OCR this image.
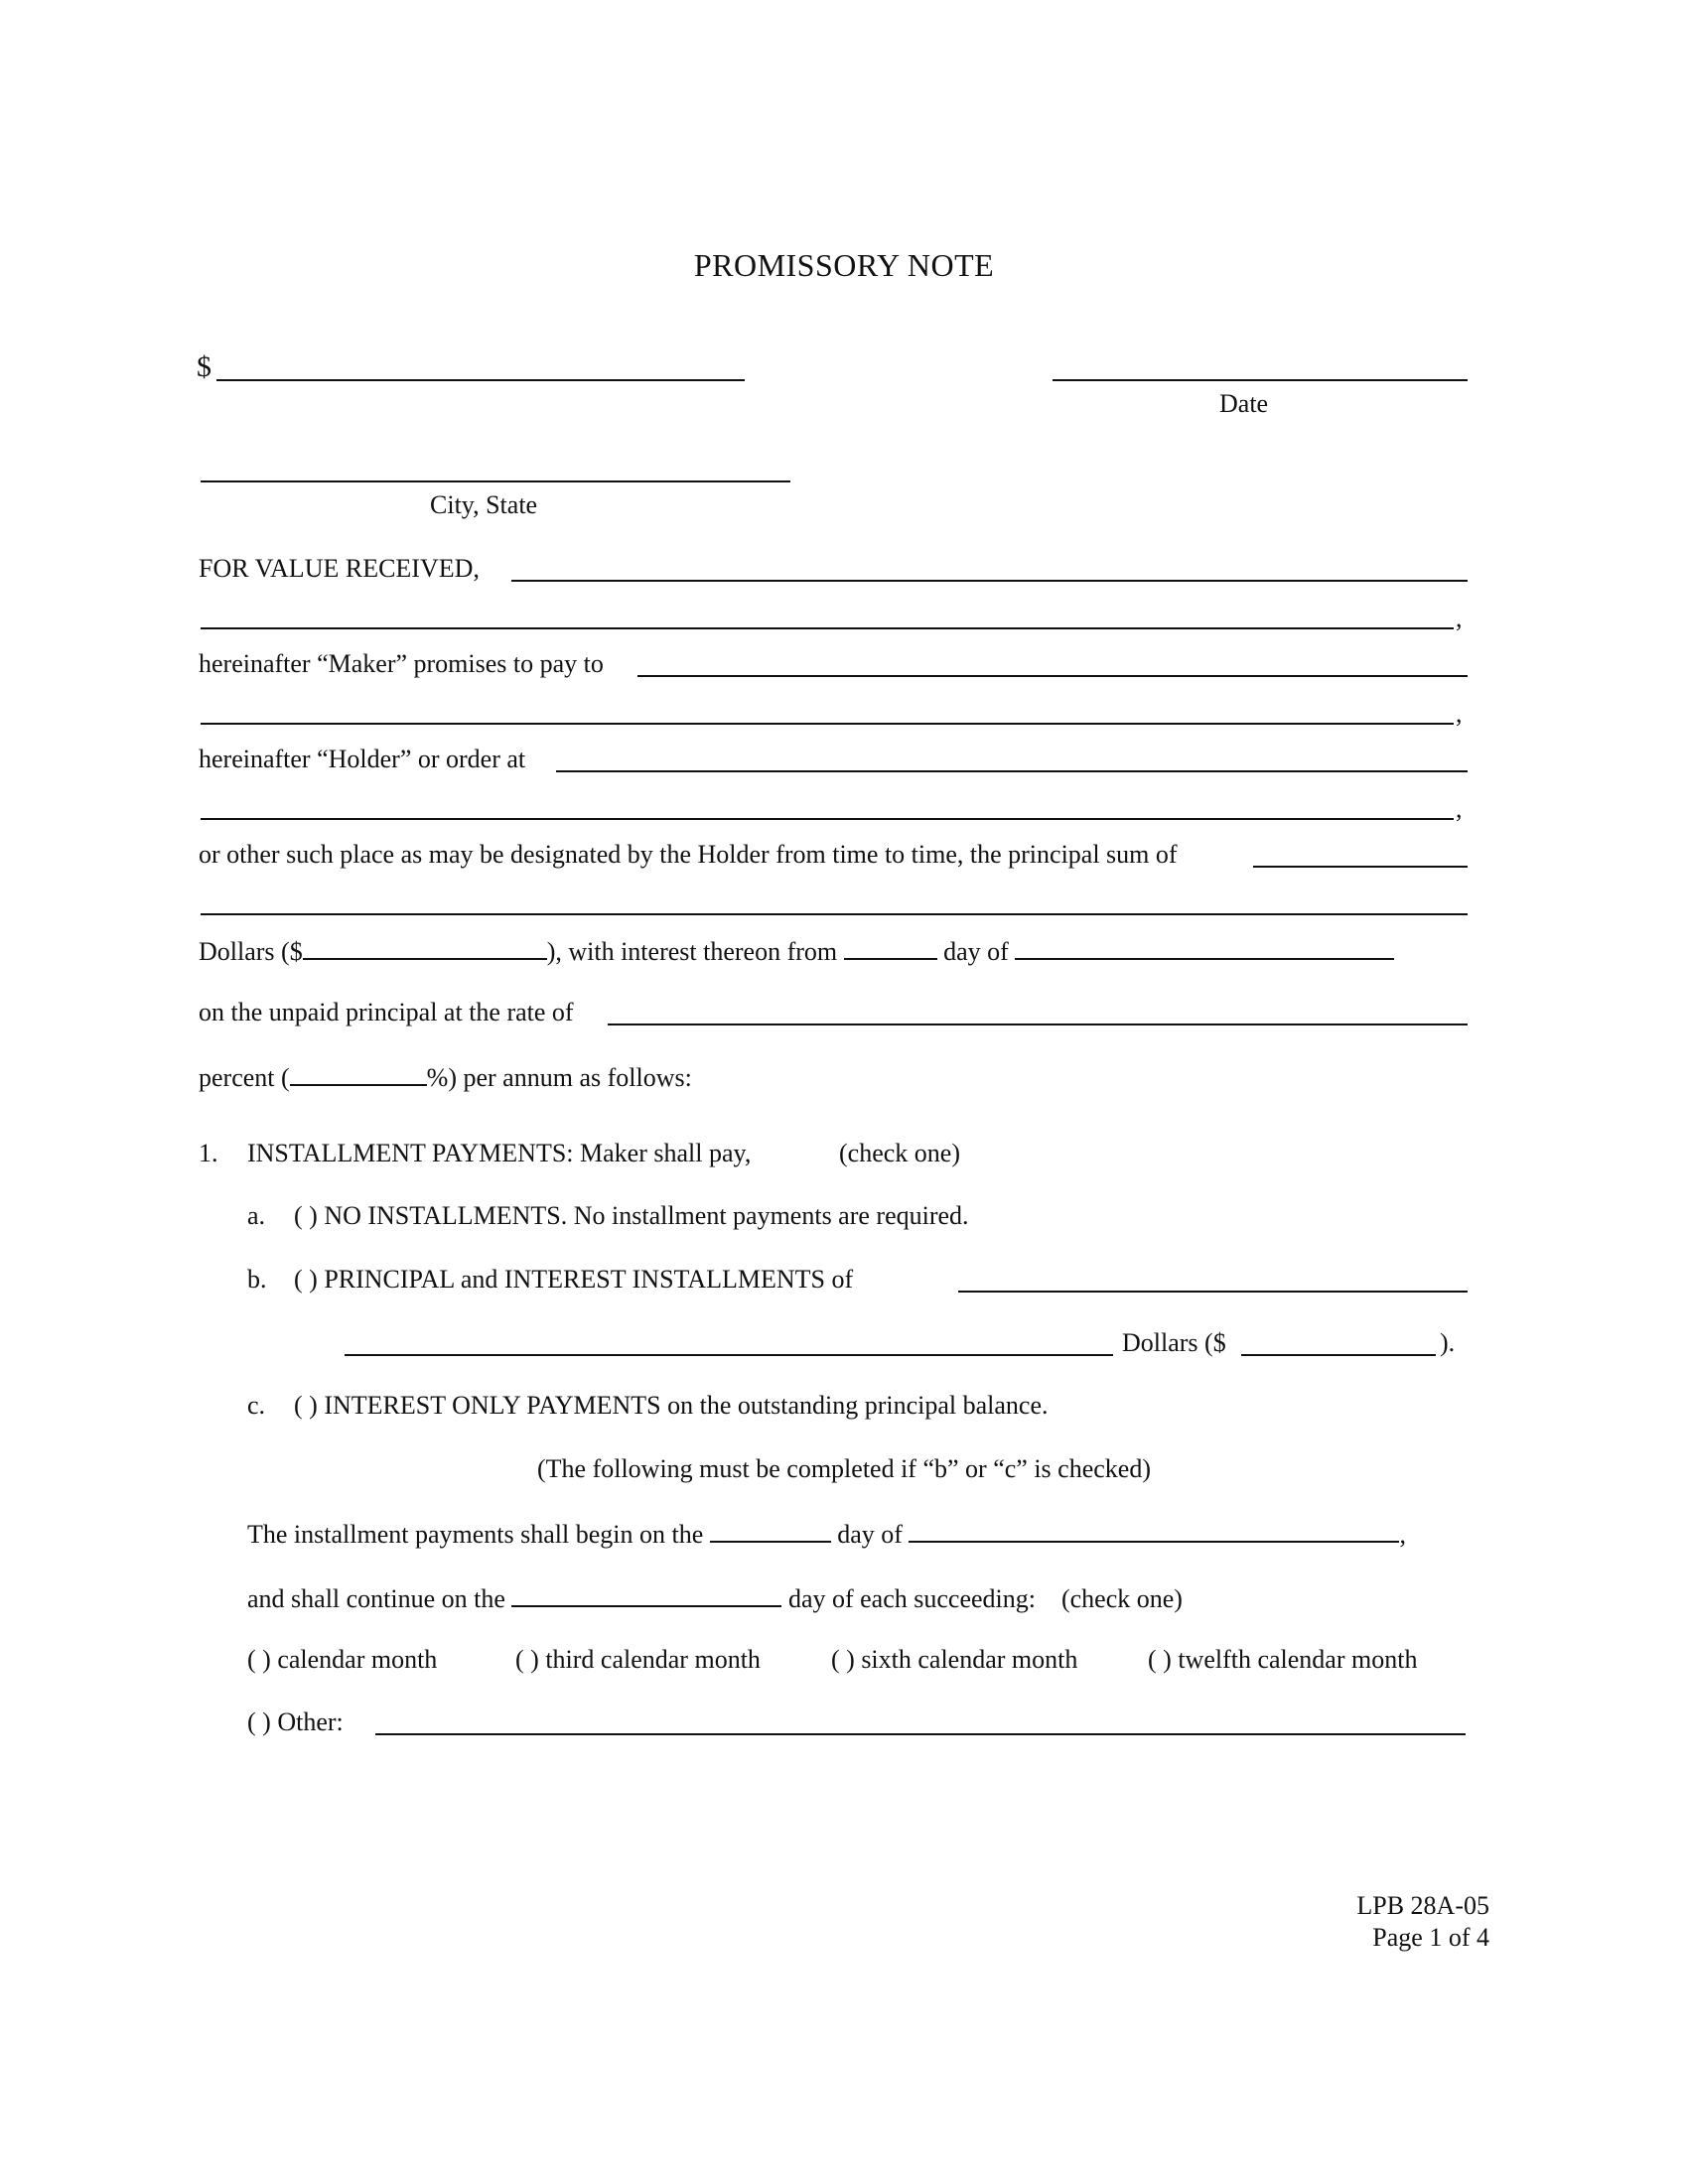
PROMISSORY NOTE
$
Date
City, State
FOR VALUE RECEIVED,
,
hereinafter “Maker” promises to pay to
,
hereinafter “Holder” or order at
,
or other such place as may be designated by the Holder from time to time, the principal sum of
Dollars ($	), with interest thereon from	day of
on the unpaid principal at the rate of
percent (	%) per annum as follows:
1. INSTALLMENT PAYMENTS: Maker shall pay,	(check one)
a. ( ) NO INSTALLMENTS. No installment payments are required.
b. ( ) PRINCIPAL and INTEREST INSTALLMENTS of
Dollars ($	).
c. ( ) INTEREST ONLY PAYMENTS on the outstanding principal balance.
(The following must be completed if “b” or “c” is checked)
The installment payments shall begin on the	day of	,
and shall continue on the	day of each succeeding: (check one)
( ) calendar month	( ) third calendar month	( ) sixth calendar month	( ) twelfth calendar month
( ) Other:
LPB 28A-05
Page 1 of 4
